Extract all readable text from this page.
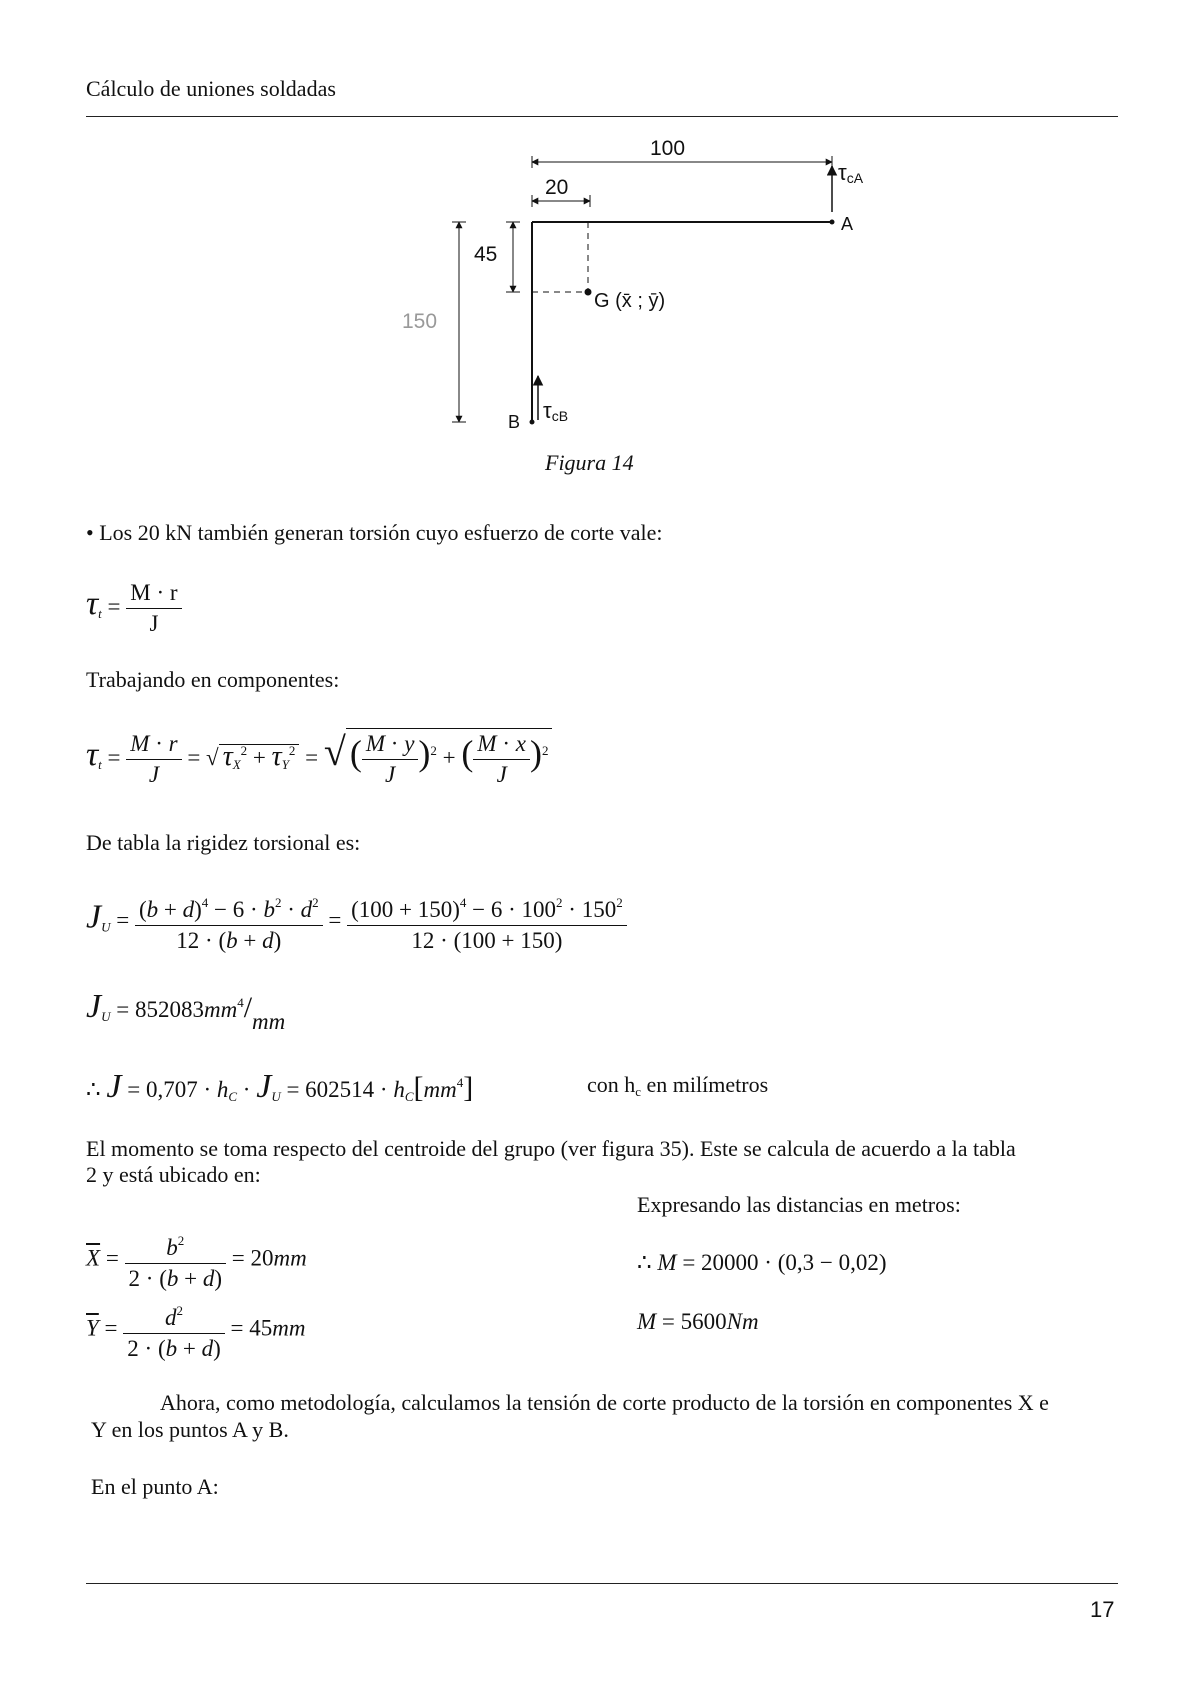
Cálculo de uniones soldadas
100
20
45
150
G (x̄ ; ȳ)
A
τcA
B τcB
Figura 14
• Los 20 kN también generan torsión cuyo esfuerzo de corte vale:
$\tau_t = \frac{M \cdot r}{J}$
Trabajando en componentes:
$\tau_t = \frac{M \cdot r}{J}$ = √ $\tau_X^2 + \tau_Y^2$ = √ ( $\frac{M \cdot y}{J} )^2$ + ( $\frac{M \cdot x}{J} )^2$
De tabla la rigidez torsional es:
$J_U = \frac{(b + d)^4 - 6 \cdot b^2 \cdot d^2}{12 \cdot (b + d)} = \frac{(100 + 150)^4 - 6 \cdot 100^2 \cdot 150^2}{12 \cdot (100 + 150)}$
$J_U = 852083mm^4/mm$
∴ $J = 0,707 \cdot h_C \cdot J_U = 602514 \cdot h_C[mm^4]$	con $h_c$ en milímetros
El momento se toma respecto del centroide del grupo (ver figura 35). Este se calcula de acuerdo a la tabla
2 y está ubicado en:
Expresando las distancias en metros:
$\overline{X} = \frac{b^2}{2 \cdot (b + d)} = 20mm$
$\overline{Y} = \frac{d^2}{2 \cdot (b + d)} = 45mm$
∴ M = 20000 · (0,3 − 0,02)
M = 5600Nm
Ahora, como metodología, calculamos la tensión de corte producto de la torsión en componentes X e
Y en los puntos A y B.
En el punto A:
17
